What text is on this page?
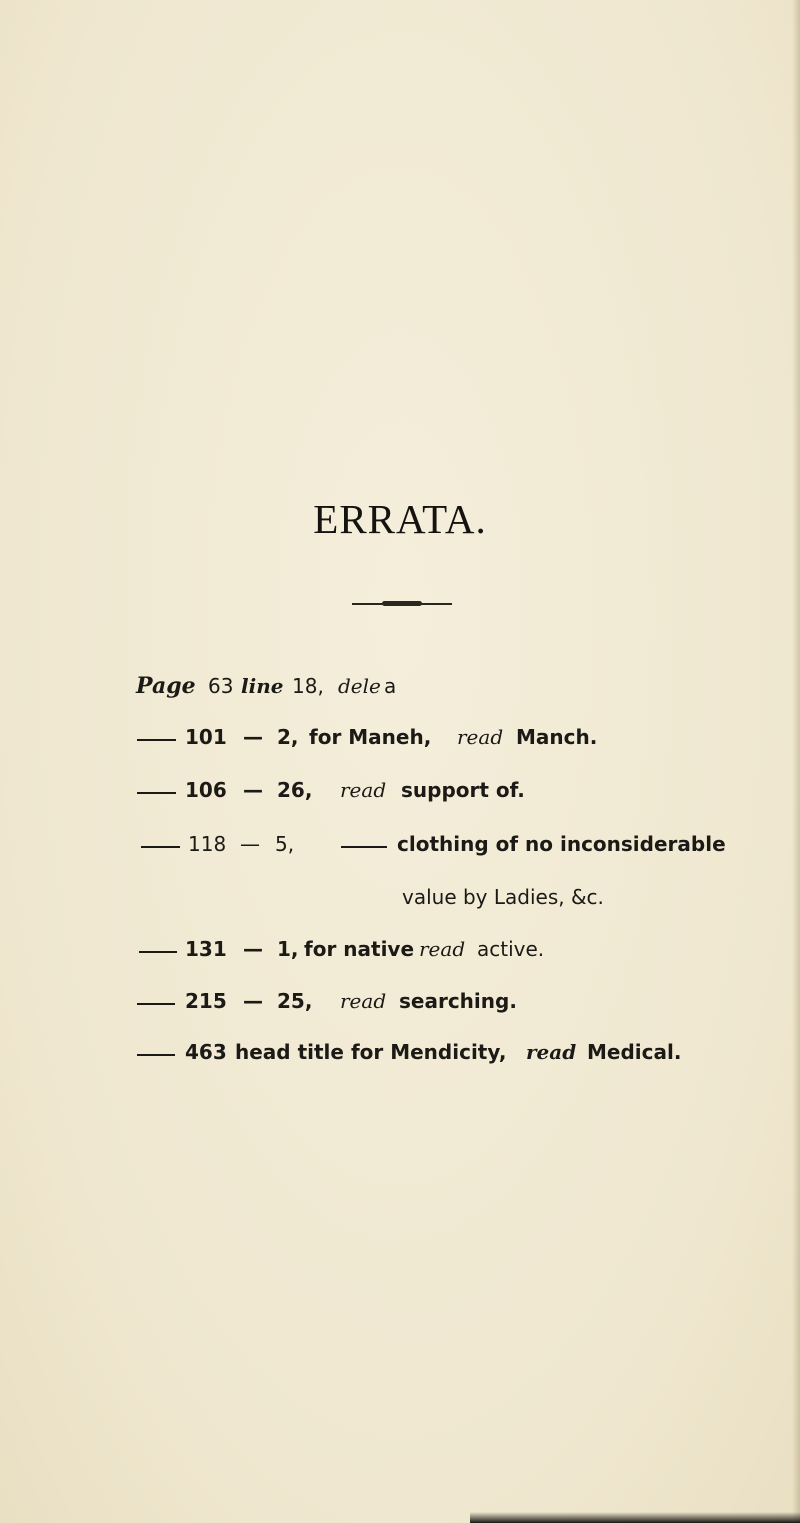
ERRATA.
Page 63 line 18, dele a
101 — 2, for Maneh, read Manch.
106 — 26, read support of.
118 — 5,	clothing of no inconsiderable
value by Ladies, &c.
131 — 1, for native read active.
215 — 25, read searching.
463 head title for Mendicity, read Medical.
